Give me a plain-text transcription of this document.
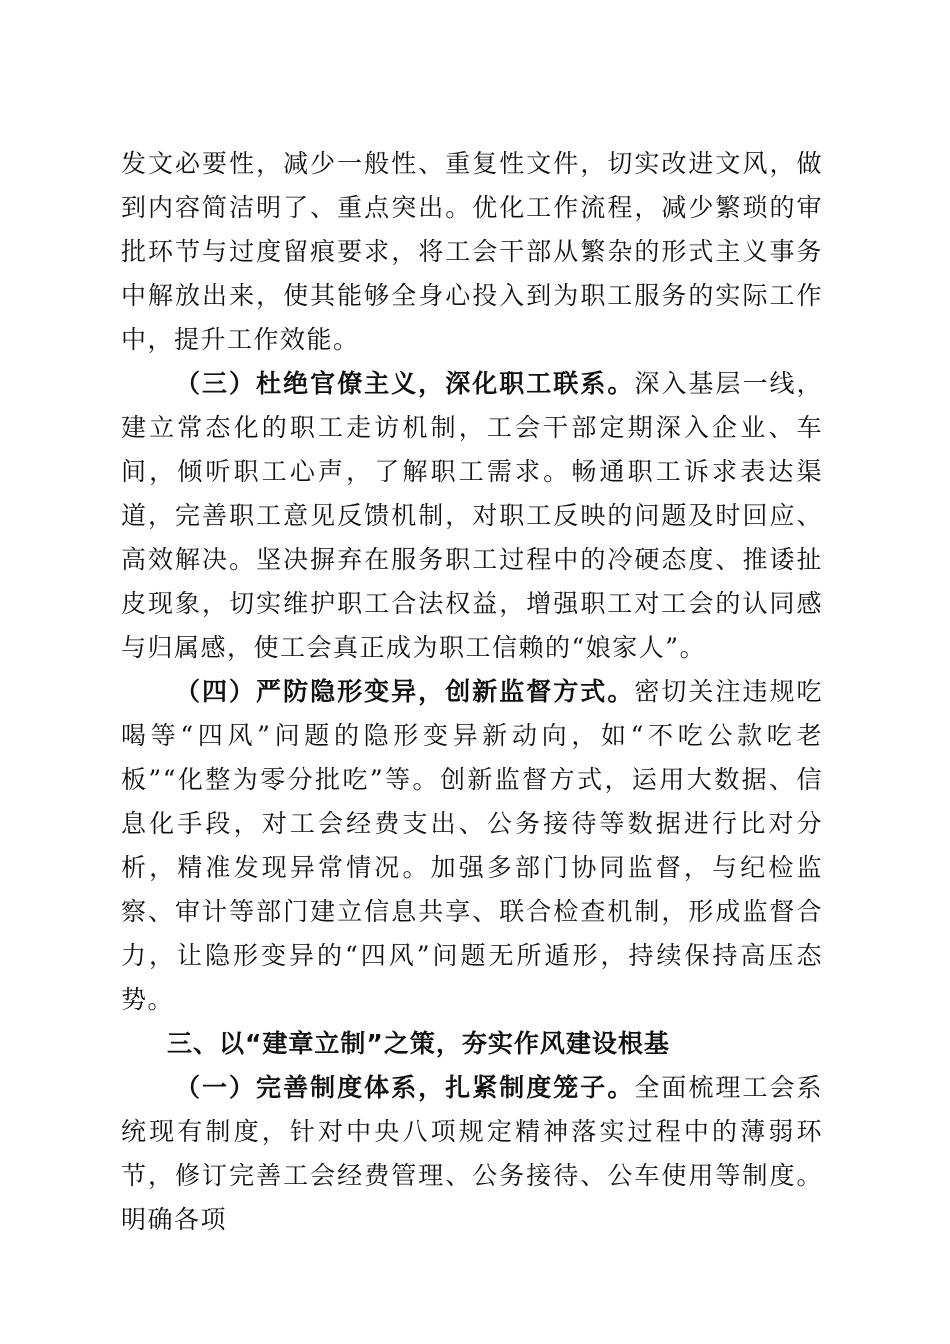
发文必要性，减少一般性、重复性文件，切实改进文风，做到内容简洁明了、重点突出。优化工作流程，减少繁琐的审批环节与过度留痕要求，将工会干部从繁杂的形式主义事务中解放出来，使其能够全身心投入到为职工服务的实际工作中，提升工作效能。

（三）杜绝官僚主义，深化职工联系。深入基层一线，建立常态化的职工走访机制，工会干部定期深入企业、车间，倾听职工心声，了解职工需求。畅通职工诉求表达渠道，完善职工意见反馈机制，对职工反映的问题及时回应、高效解决。坚决摒弃在服务职工过程中的冷硬态度、推诿扯皮现象，切实维护职工合法权益，增强职工对工会的认同感与归属感，使工会真正成为职工信赖的“娘家人”。

（四）严防隐形变异，创新监督方式。密切关注违规吃喝等“四风”问题的隐形变异新动向，如“不吃公款吃老板”“化整为零分批吃”等。创新监督方式，运用大数据、信息化手段，对工会经费支出、公务接待等数据进行比对分析，精准发现异常情况。加强多部门协同监督，与纪检监察、审计等部门建立信息共享、联合检查机制，形成监督合力，让隐形变异的“四风”问题无所遁形，持续保持高压态势。

三、以“建章立制”之策，夯实作风建设根基

（一）完善制度体系，扎紧制度笼子。全面梳理工会系统现有制度，针对中央八项规定精神落实过程中的薄弱环节，修订完善工会经费管理、公务接待、公车使用等制度。明确各项
